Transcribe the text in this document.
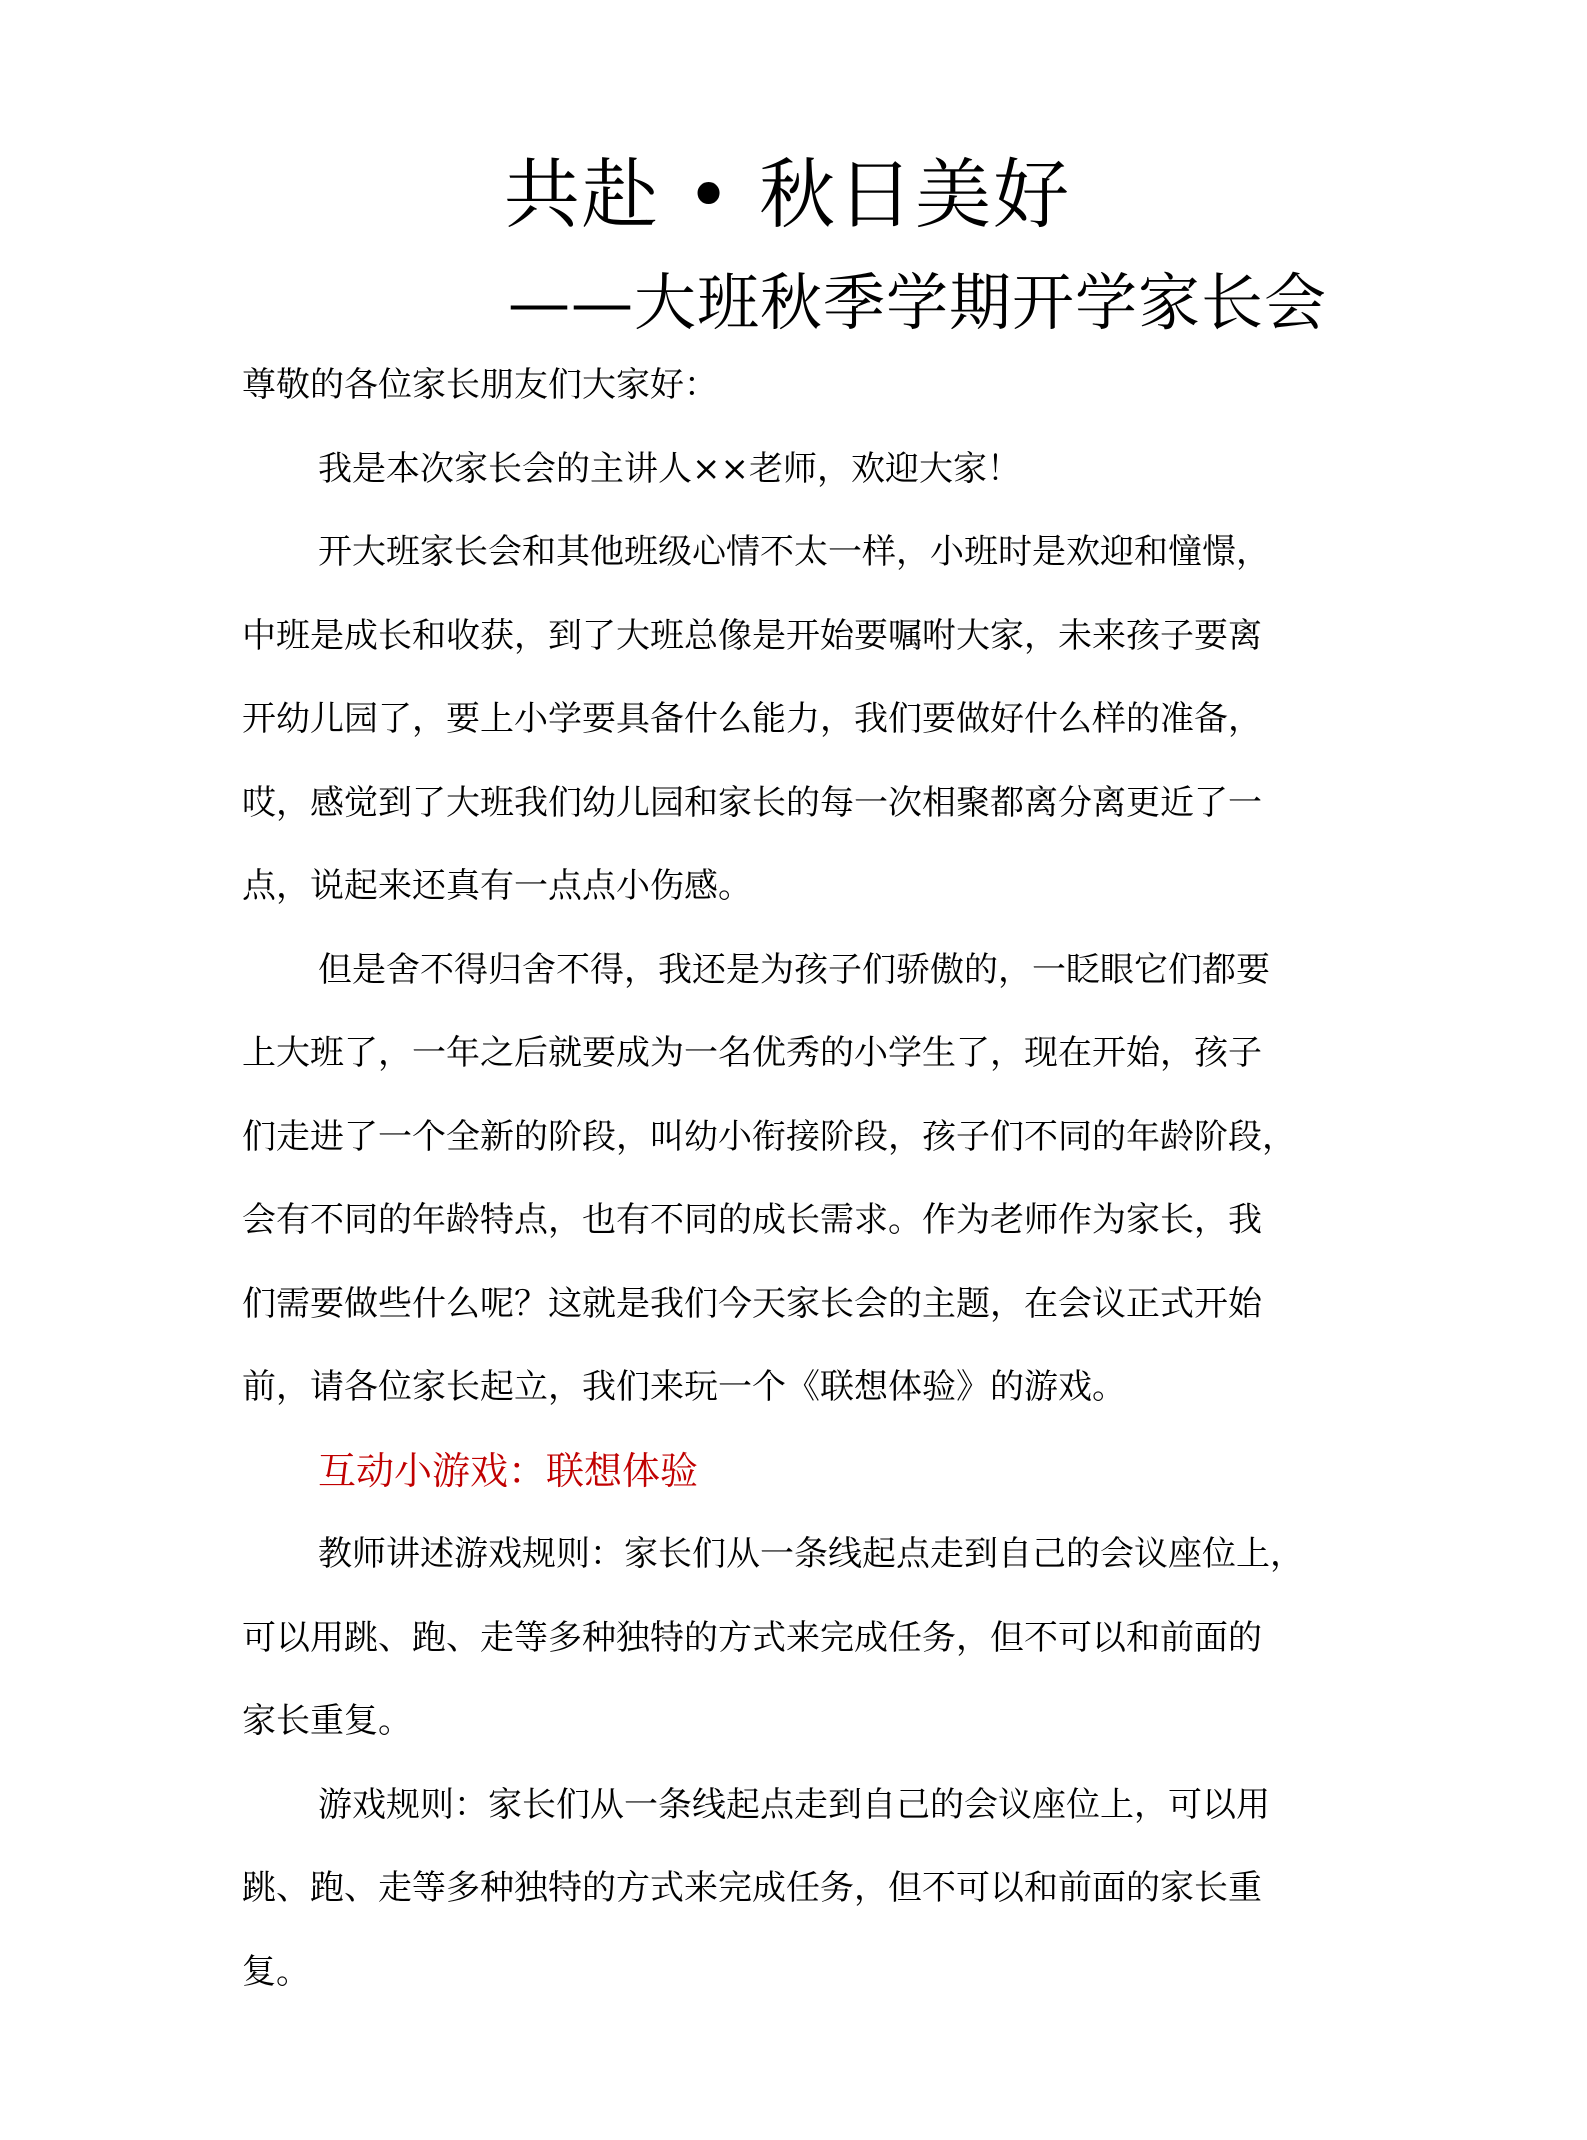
共赴 • 秋日美好
——大班秋季学期开学家长会
尊敬的各位家长朋友们大家好：
我是本次家长会的主讲人××老师，欢迎大家！
开大班家长会和其他班级心情不太一样，小班时是欢迎和憧憬，
中班是成长和收获，到了大班总像是开始要嘱咐大家，未来孩子要离
开幼儿园了，要上小学要具备什么能力，我们要做好什么样的准备，
哎，感觉到了大班我们幼儿园和家长的每一次相聚都离分离更近了一
点，说起来还真有一点点小伤感。
但是舍不得归舍不得，我还是为孩子们骄傲的，一眨眼它们都要
上大班了，一年之后就要成为一名优秀的小学生了，现在开始，孩子
们走进了一个全新的阶段，叫幼小衔接阶段，孩子们不同的年龄阶段，
会有不同的年龄特点，也有不同的成长需求。作为老师作为家长，我
们需要做些什么呢？这就是我们今天家长会的主题，在会议正式开始
前，请各位家长起立，我们来玩一个《联想体验》的游戏。
互动小游戏：联想体验
教师讲述游戏规则：家长们从一条线起点走到自己的会议座位上，
可以用跳、跑、走等多种独特的方式来完成任务，但不可以和前面的
家长重复。
游戏规则：家长们从一条线起点走到自己的会议座位上，可以用
跳、跑、走等多种独特的方式来完成任务，但不可以和前面的家长重
复。
